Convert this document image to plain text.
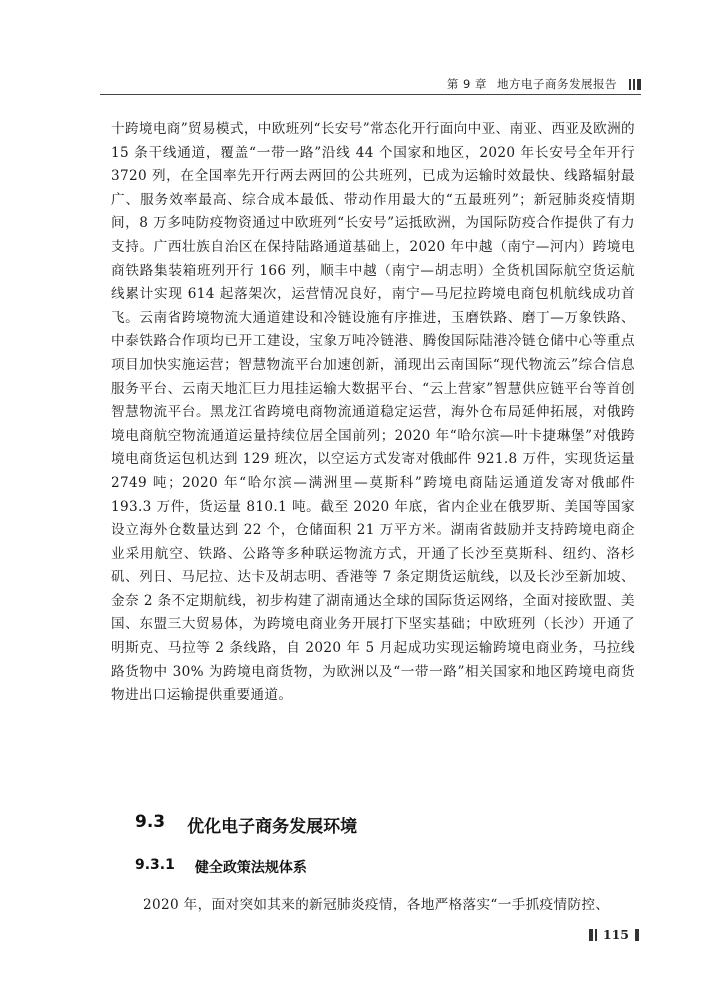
第 9 章 地方电子商务发展报告

十跨境电商”贸易模式，中欧班列“长安号”常态化开行面向中亚、南亚、西亚及欧洲的 15 条干线通道，覆盖“一带一路”沿线 44 个国家和地区，2020 年长安号全年开行 3720 列，在全国率先开行两去两回的公共班列，已成为运输时效最快、线路辐射最广、服务效率最高、综合成本最低、带动作用最大的“五最班列”；新冠肺炎疫情期间，8 万多吨防疫物资通过中欧班列“长安号”运抵欧洲，为国际防疫合作提供了有力支持。广西壮族自治区在保持陆路通道基础上，2020 年中越（南宁—河内）跨境电商铁路集装箱班列开行 166 列，顺丰中越（南宁—胡志明）全货机国际航空货运航线累计实现 614 起落架次，运营情况良好，南宁—马尼拉跨境电商包机航线成功首飞。云南省跨境物流大通道建设和冷链设施有序推进，玉磨铁路、磨丁—万象铁路、中泰铁路合作项均已开工建设，宝象万吨冷链港、腾俊国际陆港冷链仓储中心等重点项目加快实施运营；智慧物流平台加速创新，涌现出云南国际“现代物流云”综合信息服务平台、云南天地汇巨力甩挂运输大数据平台、“云上营家”智慧供应链平台等首创智慧物流平台。黑龙江省跨境电商物流通道稳定运营，海外仓布局延伸拓展，对俄跨境电商航空物流通道运量持续位居全国前列；2020 年“哈尔滨—叶卡捷琳堡”对俄跨境电商货运包机达到 129 班次，以空运方式发寄对俄邮件 921.8 万件，实现货运量 2749 吨；2020 年“哈尔滨—满洲里—莫斯科”跨境电商陆运通道发寄对俄邮件 193.3 万件，货运量 810.1 吨。截至 2020 年底，省内企业在俄罗斯、美国等国家设立海外仓数量达到 22 个，仓储面积 21 万平方米。湖南省鼓励并支持跨境电商企业采用航空、铁路、公路等多种联运物流方式，开通了长沙至莫斯科、纽约、洛杉矶、列日、马尼拉、达卡及胡志明、香港等 7 条定期货运航线，以及长沙至新加坡、金奈 2 条不定期航线，初步构建了湖南通达全球的国际货运网络，全面对接欧盟、美国、东盟三大贸易体，为跨境电商业务开展打下坚实基础；中欧班列（长沙）开通了明斯克、马拉等 2 条线路，自 2020 年 5 月起成功实现运输跨境电商业务，马拉线路货物中 30% 为跨境电商货物，为欧洲以及“一带一路”相关国家和地区跨境电商货物进出口运输提供重要通道。

9.3 优化电子商务发展环境
9.3.1 健全政策法规体系

2020 年，面对突如其来的新冠肺炎疫情，各地严格落实“一手抓疫情防控、

115
